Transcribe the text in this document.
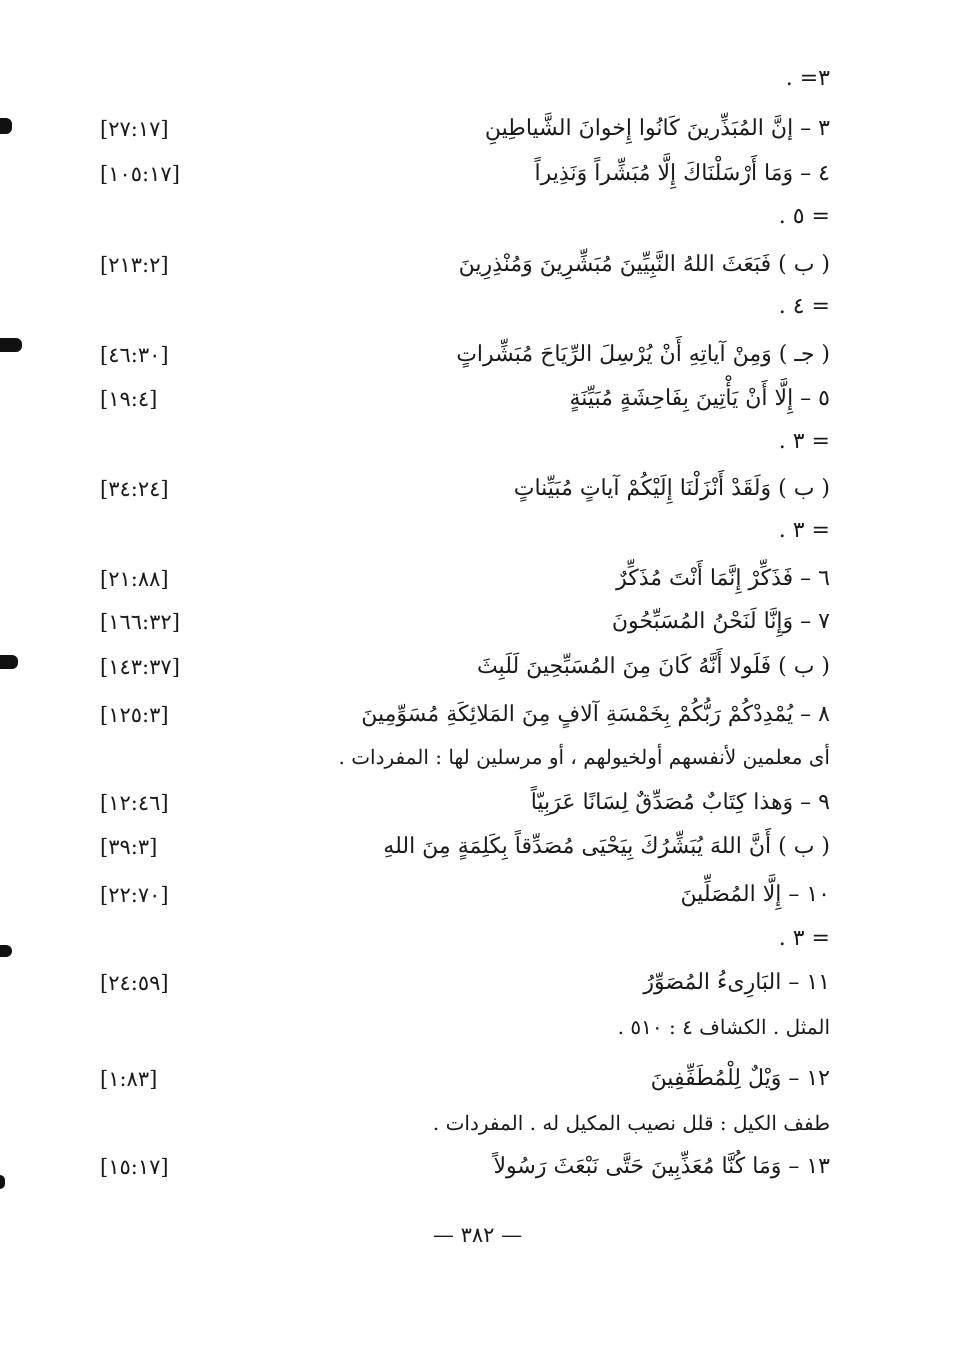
٣= .
٣ – إنَّ المُبَذِّرينَ كَانُوا إِخوانَ الشَّياطِينِ
[٢٧:١٧]
٤ – وَمَا أَرْسَلْنَاكَ إِلَّا مُبَشِّراً وَنَذِيراً
[١٠٥:١٧]
= ٥ .
( ب ) فَبَعَثَ اللهُ النَّبِيِّينَ مُبَشِّرِينَ وَمُنْذِرِينَ
[٢١٣:٢]
= ٤ .
( جـ ) وَمِنْ آياتِهِ أَنْ يُرْسِلَ الرِّيَاحَ مُبَشِّراتٍ
[٤٦:٣٠]
٥ – إِلَّا أَنْ يَأْتِينَ بِفَاحِشَةٍ مُبَيِّنَةٍ
[١٩:٤]
= ٣ .
( ب ) وَلَقَدْ أَنْزَلْنَا إِلَيْكُمْ آياتٍ مُبَيِّناتٍ
[٣٤:٢٤]
= ٣ .
٦ – فَذَكِّرْ إِنَّمَا أَنْتَ مُذَكِّرٌ
[٢١:٨٨]
٧ – وَإِنَّا لَنَحْنُ المُسَبِّحُونَ
[١٦٦:٣٢]
( ب ) فَلَولا أَنَّهُ كَانَ مِنَ المُسَبِّحِينَ لَلَبِثَ
[١٤٣:٣٧]
٨ – يُمْدِدْكُمْ رَبُّكُمْ بِخَمْسَةِ آلافٍ مِنَ المَلائِكَةِ مُسَوِّمِينَ
[١٢٥:٣]
أى معلمين لأنفسهم أولخيولهم ، أو مرسلين لها : المفردات .
٩ – وَهذا كِتَابٌ مُصَدِّقٌ لِسَانًا عَرَبِيّاً
[١٢:٤٦]
( ب ) أَنَّ اللهَ يُبَشِّرُكَ بِيَحْيَى مُصَدِّقاً بِكَلِمَةٍ مِنَ اللهِ
[٣٩:٣]
١٠ – إِلَّا المُصَلِّينَ
[٢٢:٧٠]
= ٣ .
١١ – البَارِىءُ المُصَوِّرُ
[٢٤:٥٩]
المثل . الكشاف ٤ : ٥١٠ .
١٢ – وَيْلٌ لِلْمُطَفِّفِينَ
[١:٨٣]
طفف الكيل : قلل نصيب المكيل له . المفردات .
١٣ – وَمَا كُنَّا مُعَذِّبِينَ حَتَّى نَبْعَثَ رَسُولاً
[١٥:١٧]
— ٣٨٢ —
